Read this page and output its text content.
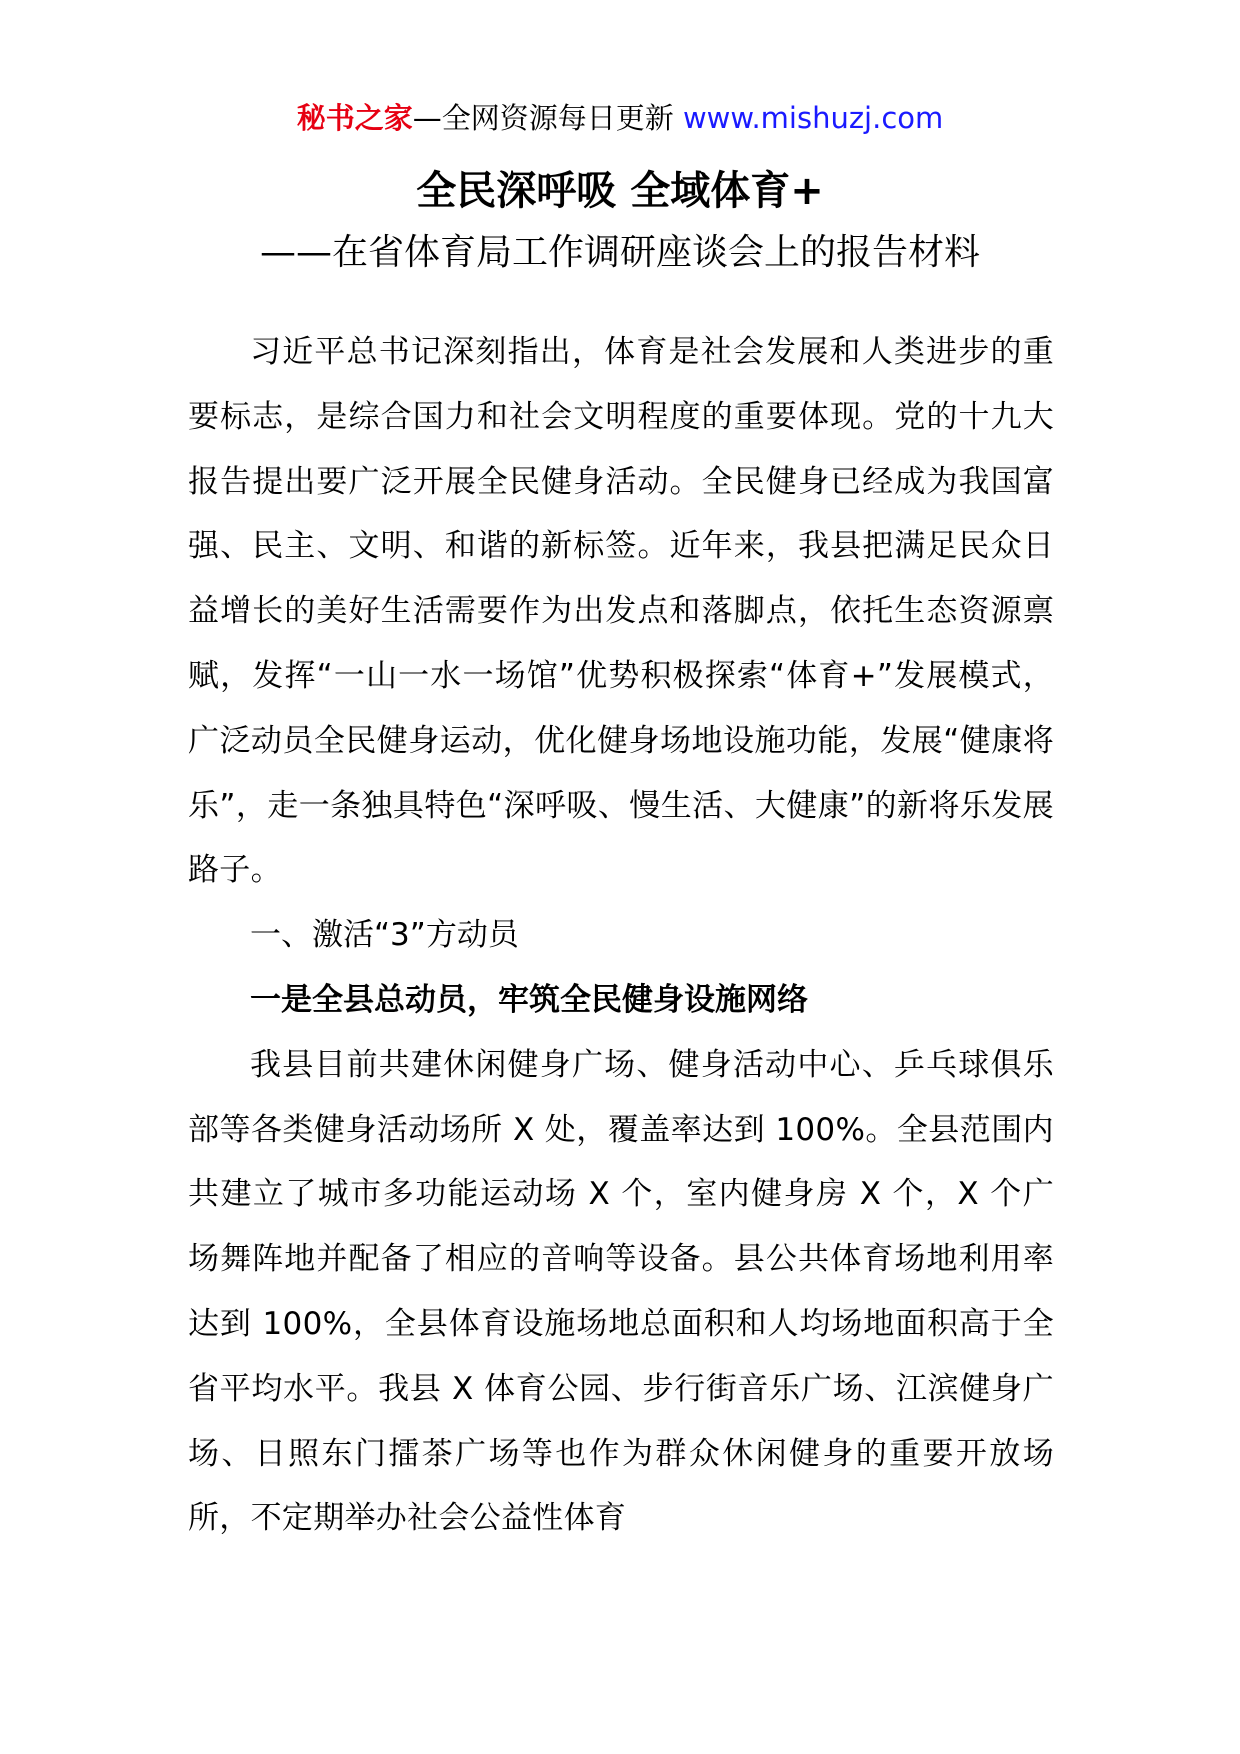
秘书之家—全网资源每日更新 www.mishuzj.com
全民深呼吸 全域体育+
——在省体育局工作调研座谈会上的报告材料

习近平总书记深刻指出，体育是社会发展和人类进步的重要标志，是综合国力和社会文明程度的重要体现。党的十九大报告提出要广泛开展全民健身活动。全民健身已经成为我国富强、民主、文明、和谐的新标签。近年来，我县把满足民众日益增长的美好生活需要作为出发点和落脚点，依托生态资源禀赋，发挥“一山一水一场馆”优势积极探索“体育+”发展模式，广泛动员全民健身运动，优化健身场地设施功能，发展“健康将乐”，走一条独具特色“深呼吸、慢生活、大健康”的新将乐发展路子。

一、激活“3”方动员

一是全县总动员，牢筑全民健身设施网络

我县目前共建休闲健身广场、健身活动中心、乒乓球俱乐部等各类健身活动场所 X 处，覆盖率达到 100%。全县范围内共建立了城市多功能运动场 X 个，室内健身房 X 个，X 个广场舞阵地并配备了相应的音响等设备。县公共体育场地利用率达到 100%，全县体育设施场地总面积和人均场地面积高于全省平均水平。我县 X 体育公园、步行街音乐广场、江滨健身广场、日照东门擂茶广场等也作为群众休闲健身的重要开放场所，不定期举办社会公益性体育
